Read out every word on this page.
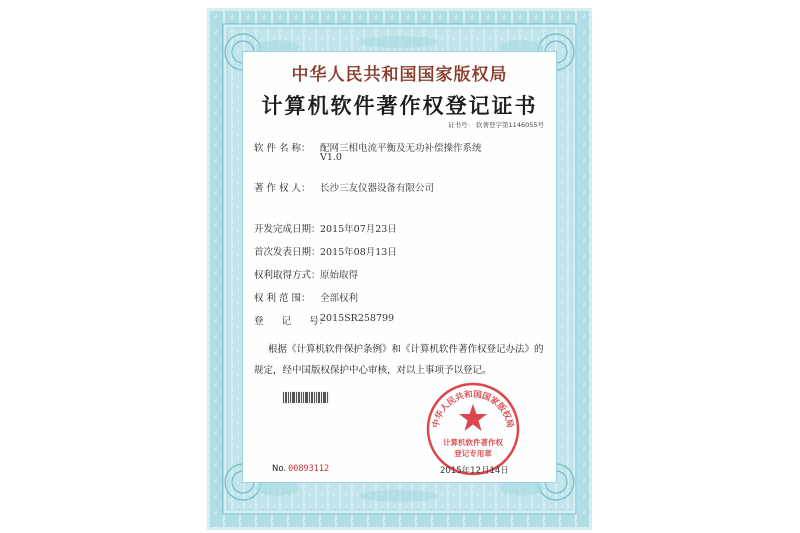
中华人民共和国国家版权局
计算机软件著作权登记证书
证书号： 软著登字第1146055号
软 件 名 称： 配网三相电流平衡及无功补偿操作系统
V1.0
著 作 权 人： 长沙三友仪器设备有限公司
开发完成日期： 2015年07月23日
首次发表日期： 2015年08月13日
权利取得方式： 原始取得
权 利 范 围： 全部权利
登      记      号：
2015SR258799
根据《计算机软件保护条例》和《计算机软件著作权登记办法》的
规定，经中国版权保护中心审核，对以上事项予以登记。
中华人民共和国国家版权局
计算机软件著作权
登记专用章
No. 00893112	2015年12月14日
